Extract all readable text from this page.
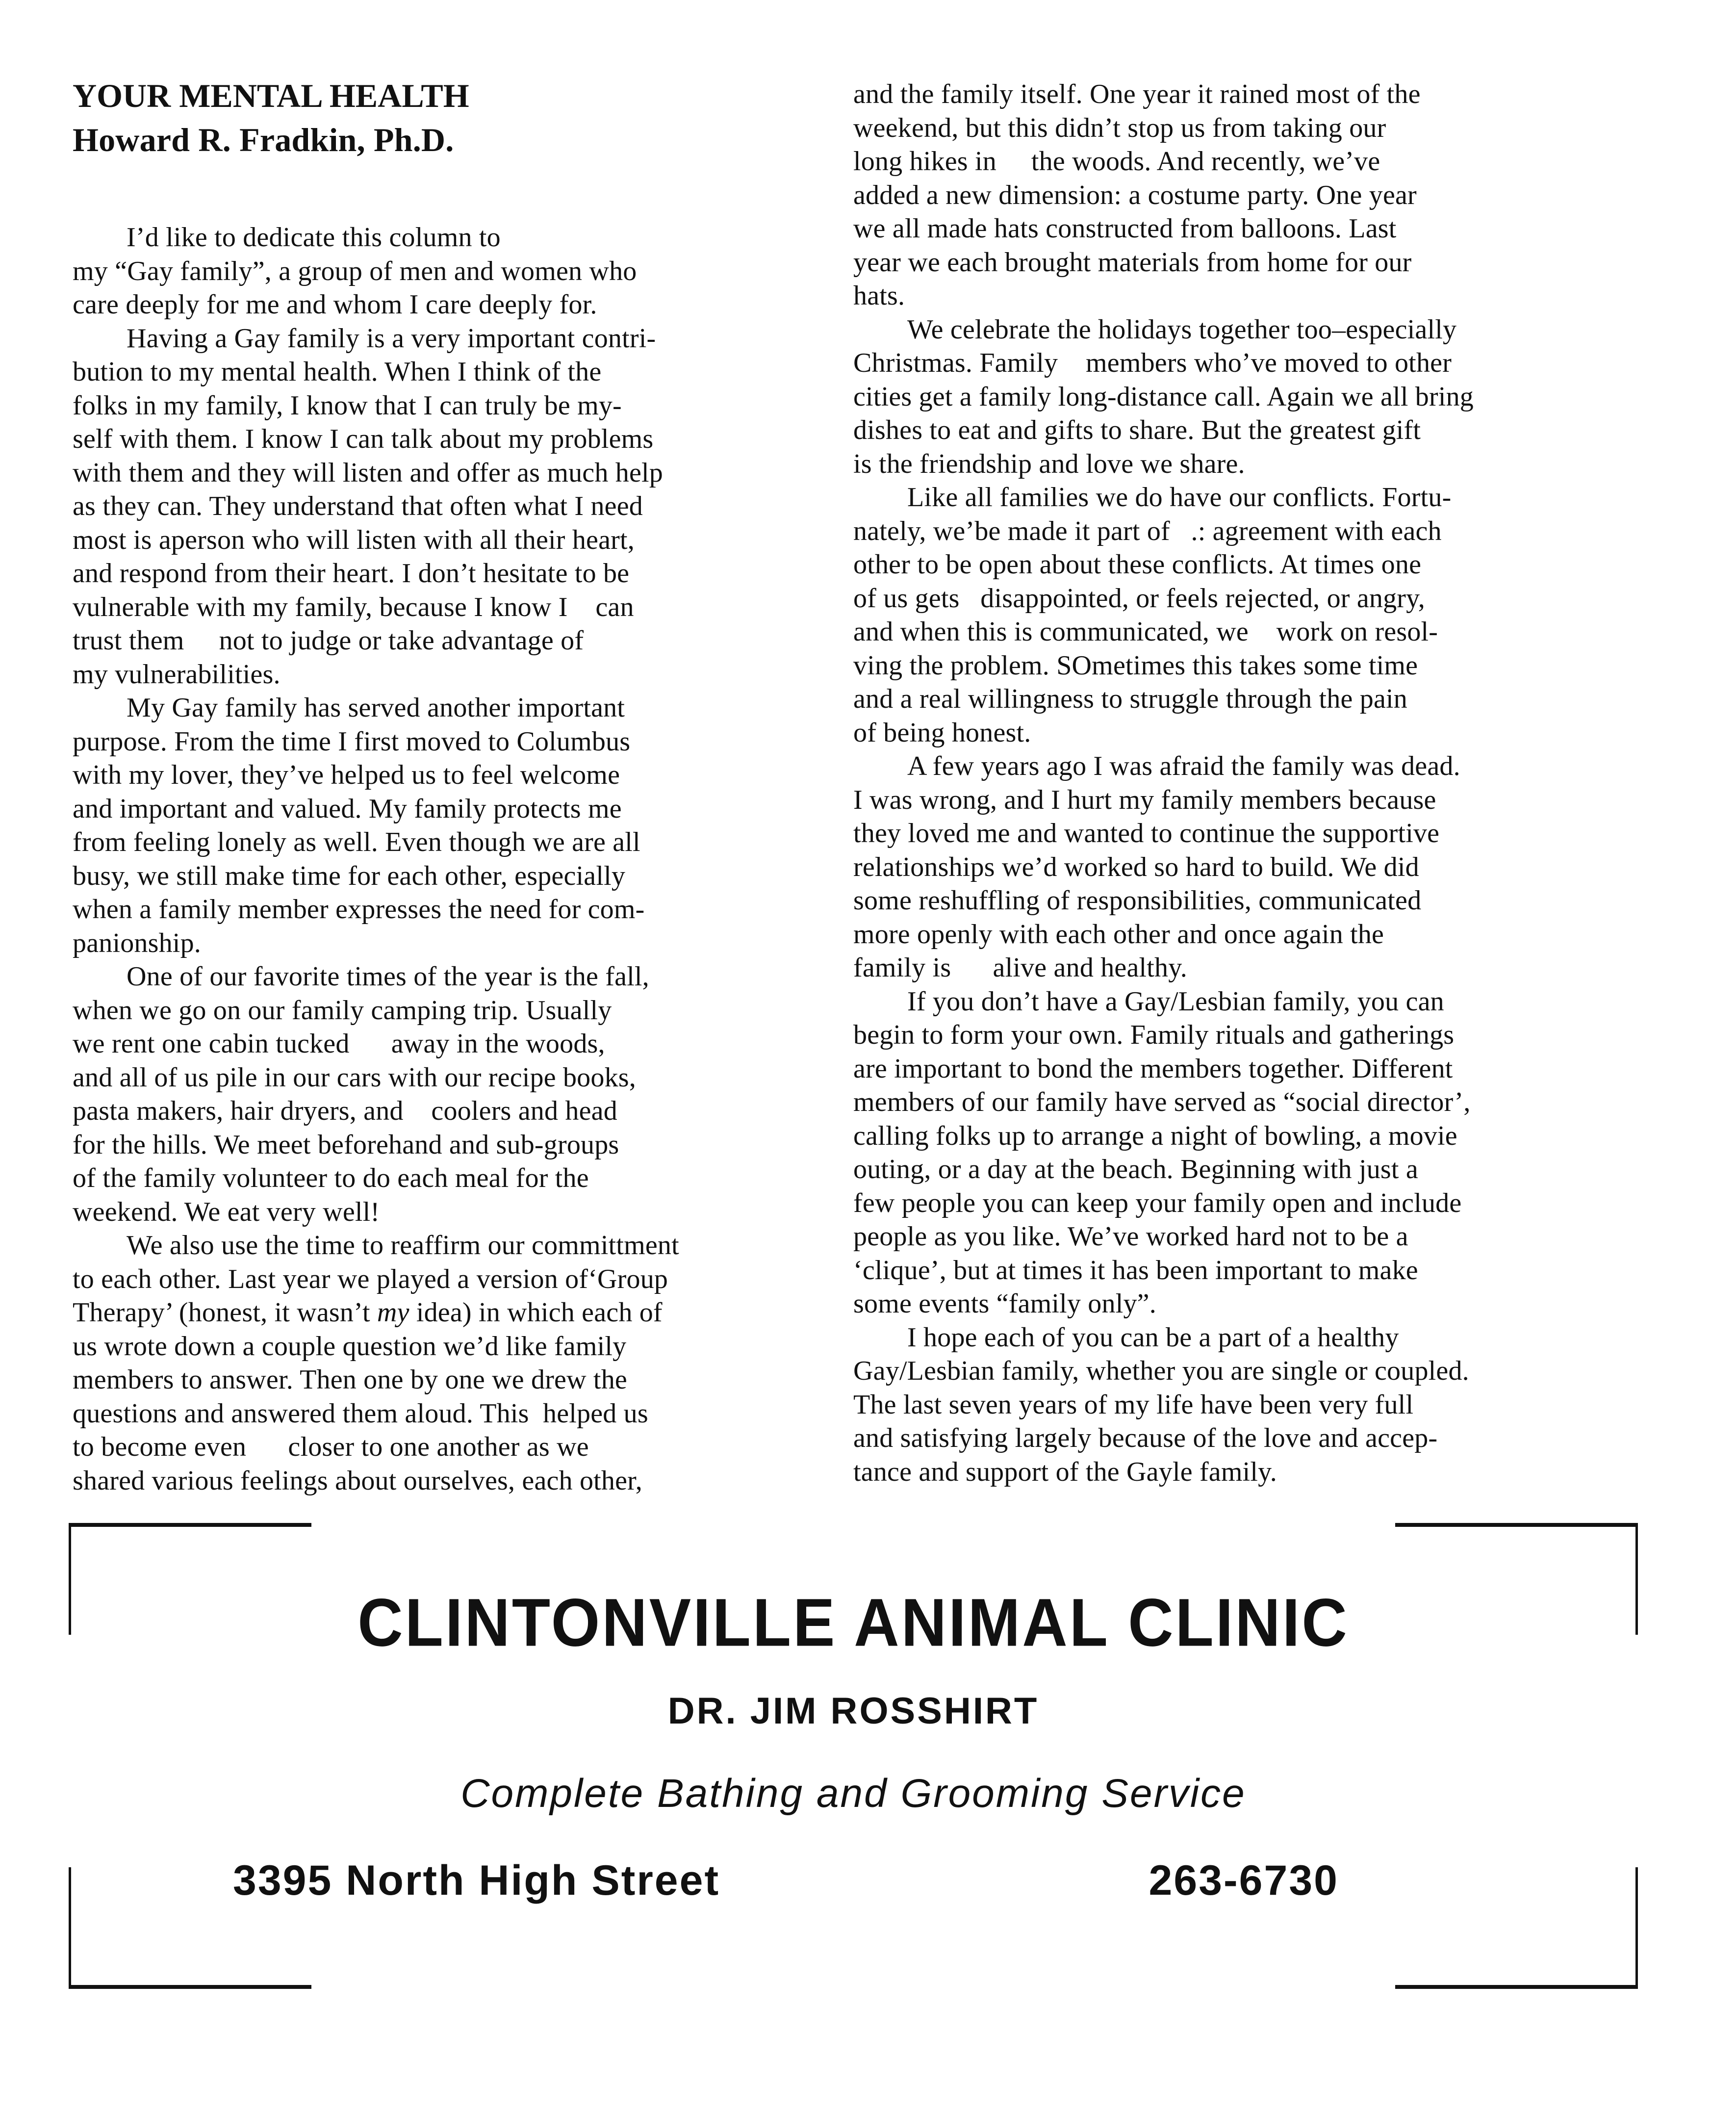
YOUR MENTAL HEALTH
Howard R. Fradkin, Ph.D.
I’d like to dedicate this column to
my “Gay family”, a group of men and women who
care deeply for me and whom I care deeply for.
Having a Gay family is a very important contri-
bution to my mental health. When I think of the
folks in my family, I know that I can truly be my-
self with them. I know I can talk about my problems
with them and they will listen and offer as much help
as they can. They understand that often what I need
most is aperson who will listen with all their heart,
and respond from their heart. I don’t hesitate to be
vulnerable with my family, because I know I    can
trust them     not to judge or take advantage of
my vulnerabilities.
My Gay family has served another important
purpose. From the time I first moved to Columbus
with my lover, they’ve helped us to feel welcome
and important and valued. My family protects me
from feeling lonely as well. Even though we are all
busy, we still make time for each other, especially
when a family member expresses the need for com-
panionship.
One of our favorite times of the year is the fall,
when we go on our family camping trip. Usually
we rent one cabin tucked      away in the woods,
and all of us pile in our cars with our recipe books,
pasta makers, hair dryers, and    coolers and head
for the hills. We meet beforehand and sub-groups
of the family volunteer to do each meal for the
weekend. We eat very well!
We also use the time to reaffirm our committment
to each other. Last year we played a version of‘Group
Therapy’ (honest, it wasn’t my idea) in which each of
us wrote down a couple question we’d like family
members to answer. Then one by one we drew the
questions and answered them aloud. This  helped us
to become even      closer to one another as we
shared various feelings about ourselves, each other,
and the family itself. One year it rained most of the
weekend, but this didn’t stop us from taking our
long hikes in     the woods. And recently, we’ve
added a new dimension: a costume party. One year
we all made hats constructed from balloons. Last
year we each brought materials from home for our
hats.
We celebrate the holidays together too–especially
Christmas. Family    members who’ve moved to other
cities get a family long-distance call. Again we all bring
dishes to eat and gifts to share. But the greatest gift
is the friendship and love we share.
Like all families we do have our conflicts. Fortu-
nately, we’be made it part of   .: agreement with each
other to be open about these conflicts. At times one
of us gets   disappointed, or feels rejected, or angry,
and when this is communicated, we    work on resol-
ving the problem. SOmetimes this takes some time
and a real willingness to struggle through the pain
of being honest.
A few years ago I was afraid the family was dead.
I was wrong, and I hurt my family members because
they loved me and wanted to continue the supportive
relationships we’d worked so hard to build. We did
some reshuffling of responsibilities, communicated
more openly with each other and once again the
family is      alive and healthy.
If you don’t have a Gay/Lesbian family, you can
begin to form your own. Family rituals and gatherings
are important to bond the members together. Different
members of our family have served as “social director’,
calling folks up to arrange a night of bowling, a movie
outing, or a day at the beach. Beginning with just a
few people you can keep your family open and include
people as you like. We’ve worked hard not to be a
‘clique’, but at times it has been important to make
some events “family only”.
I hope each of you can be a part of a healthy
Gay/Lesbian family, whether you are single or coupled.
The last seven years of my life have been very full
and satisfying largely because of the love and accep-
tance and support of the Gayle family.
CLINTONVILLE ANIMAL CLINIC
DR. JIM ROSSHIRT
Complete Bathing and Grooming Service
3395 North High Street	263-6730
